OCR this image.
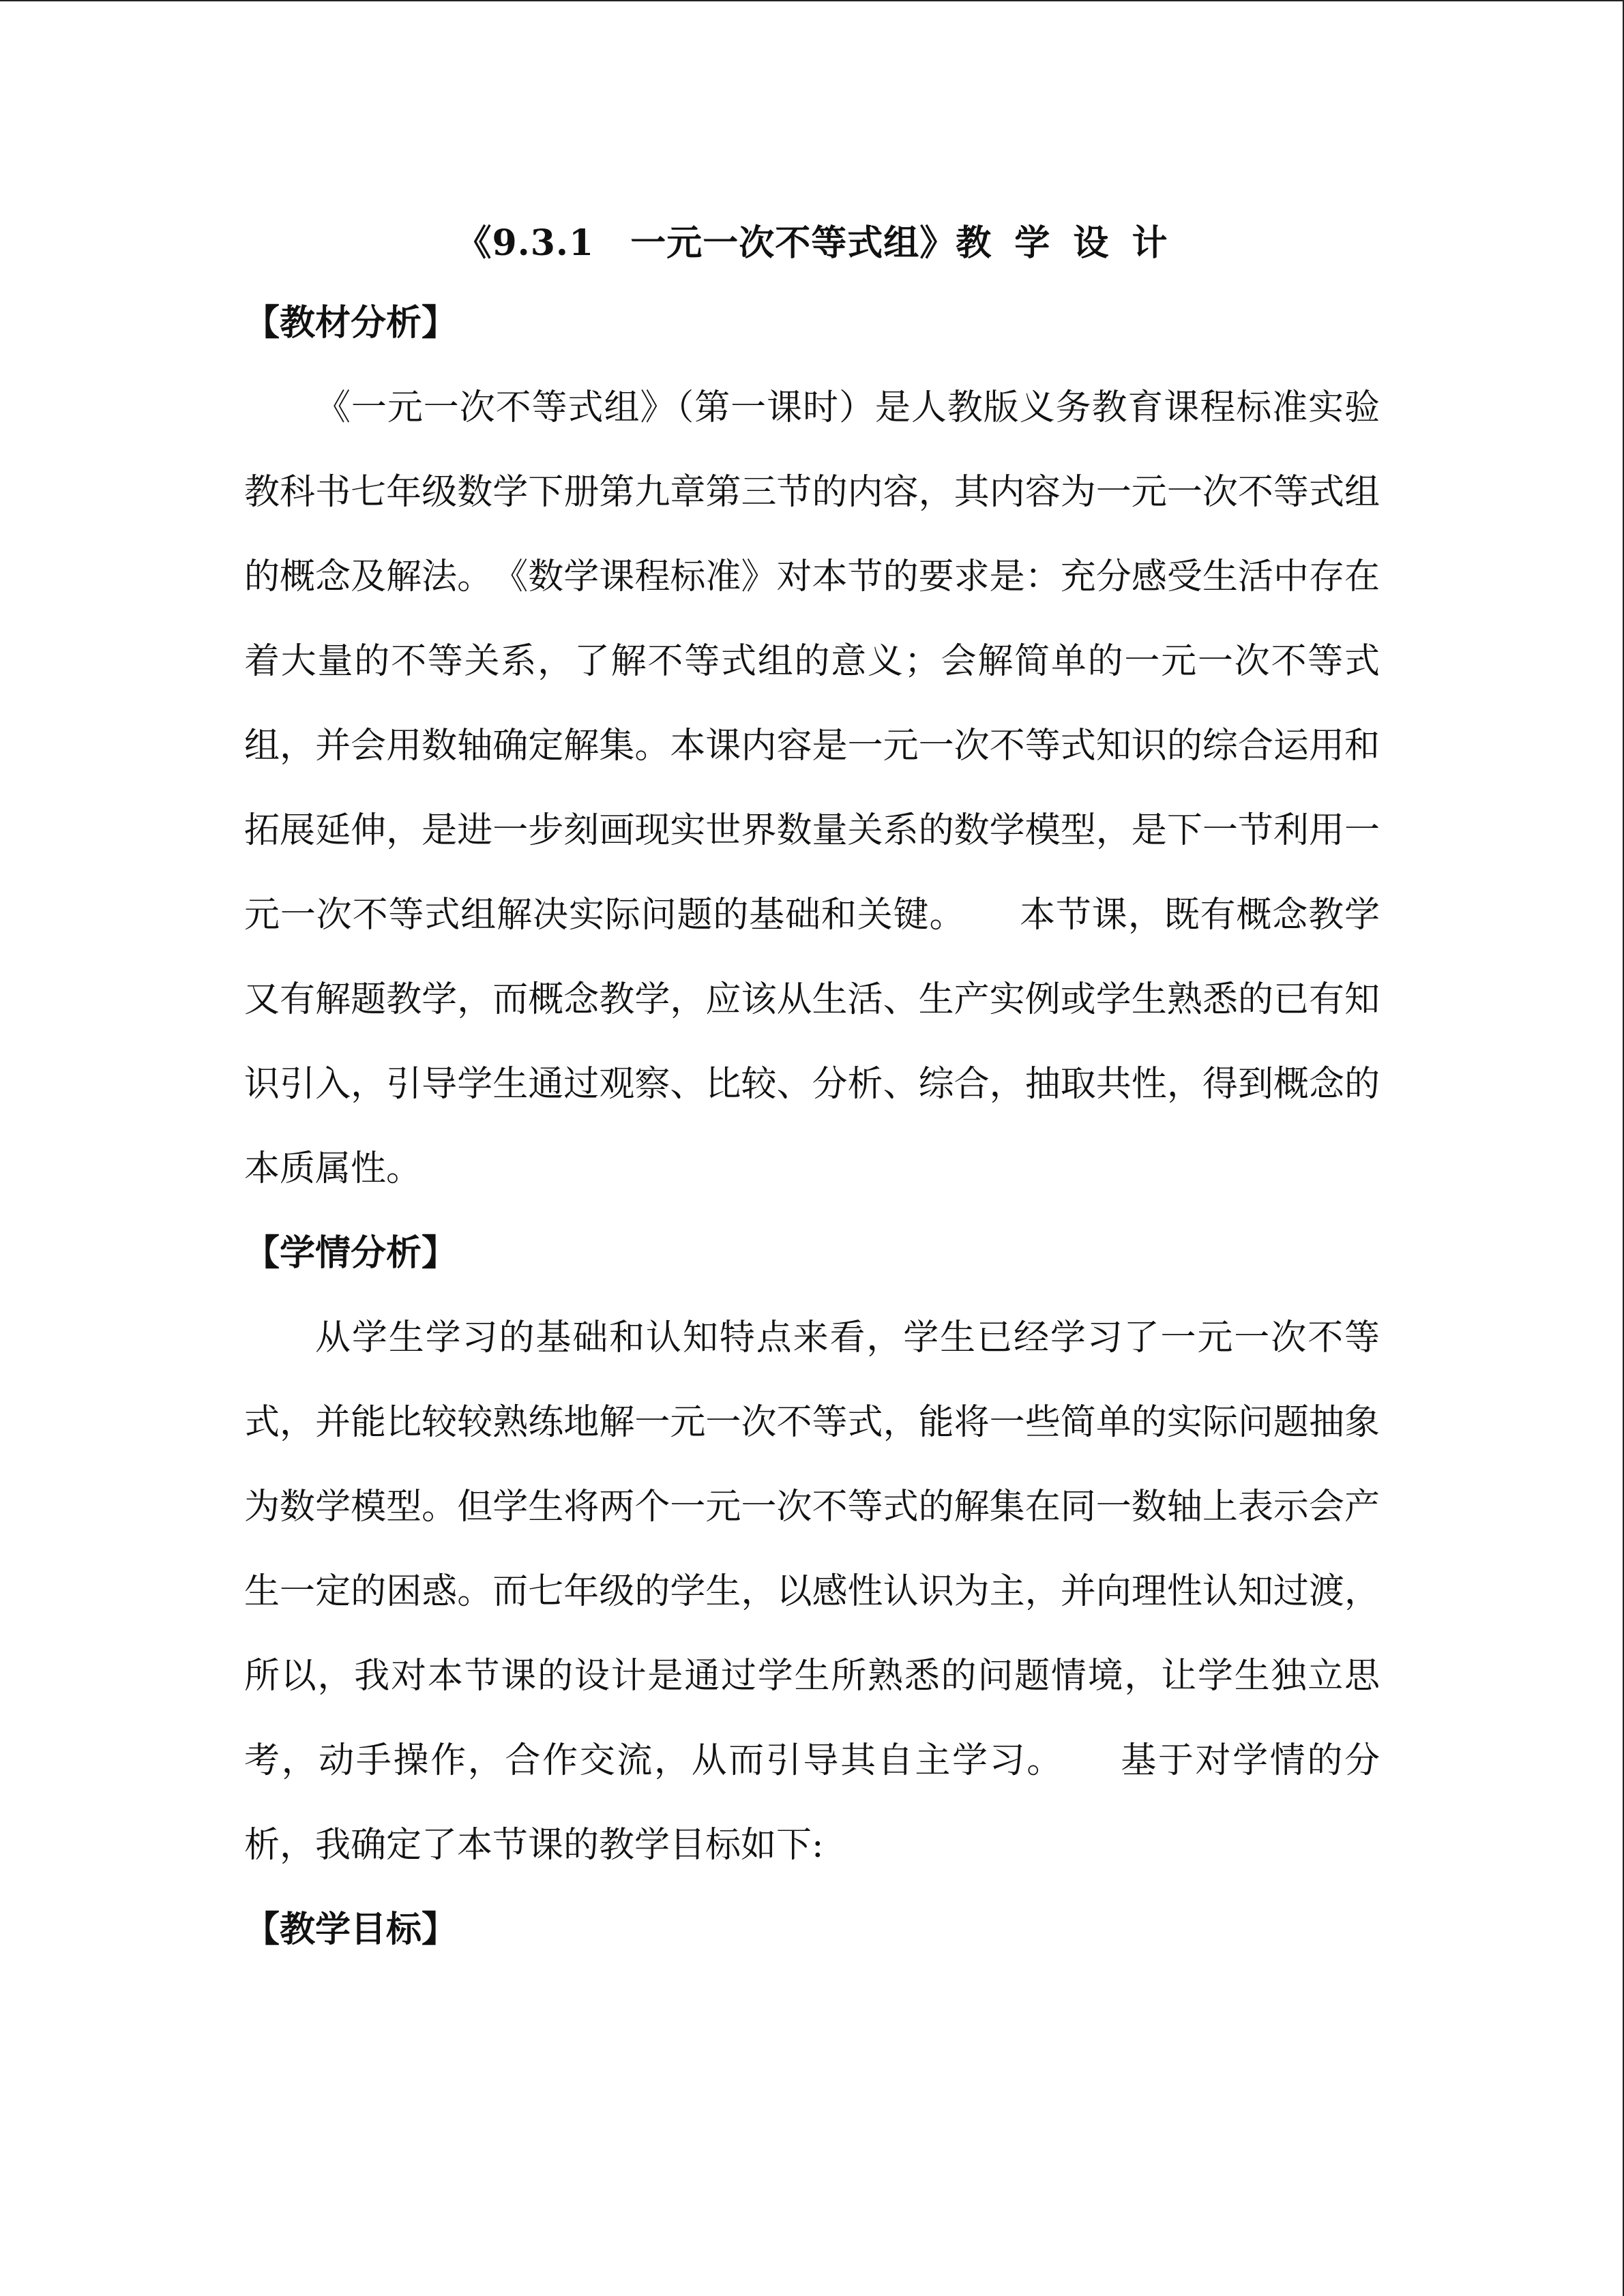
《9.3.1　一元一次不等式组》教 学 设 计
【教材分析】

《一元一次不等式组》（第一课时）是人教版义务教育课程标准实验教科书七年级数学下册第九章第三节的内容，其内容为一元一次不等式组的概念及解法。　《数学课程标准》对本节的要求是：充分感受生活中存在着大量的不等关系，了解不等式组的意义；会解简单的一元一次不等式组，并会用数轴确定解集。本课内容是一元一次不等式知识的综合运用和拓展延伸，是进一步刻画现实世界数量关系的数学模型，是下一节利用一元一次不等式组解决实际问题的基础和关键。　　本节课，既有概念教学又有解题教学，而概念教学，应该从生活、生产实例或学生熟悉的已有知识引入，引导学生通过观察、比较、分析、综合，抽取共性，得到概念的本质属性。

【学情分析】

从学生学习的基础和认知特点来看，学生已经学习了一元一次不等式，并能比较较熟练地解一元一次不等式，能将一些简单的实际问题抽象为数学模型。但学生将两个一元一次不等式的解集在同一数轴上表示会产生一定的困惑。而七年级的学生，以感性认识为主，并向理性认知过渡，所以，我对本节课的设计是通过学生所熟悉的问题情境，让学生独立思考，动手操作，合作交流，从而引导其自主学习。　　基于对学情的分析，我确定了本节课的教学目标如下:

【教学目标】
